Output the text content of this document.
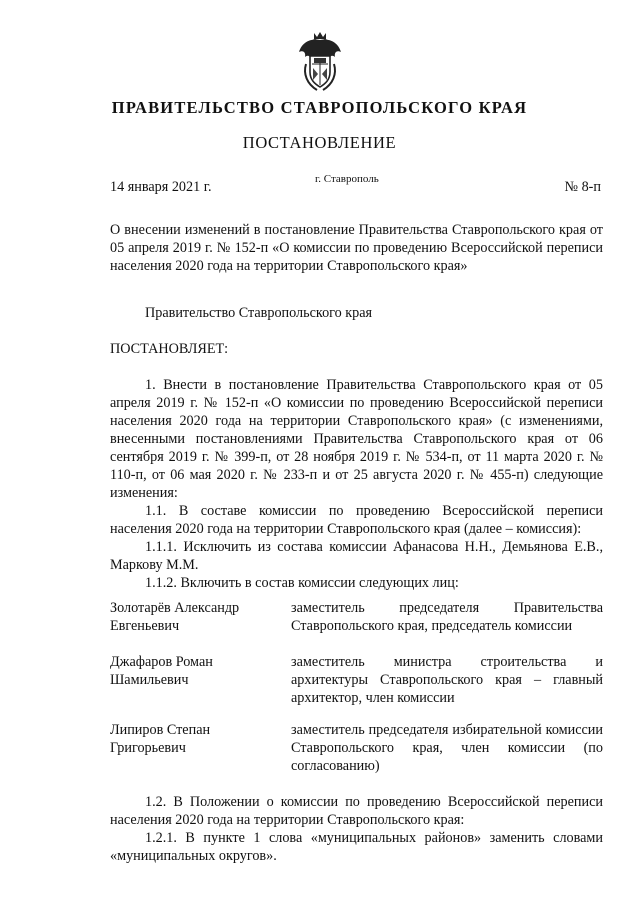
ПРАВИТЕЛЬСТВО СТАВРОПОЛЬСКОГО КРАЯ
ПОСТАНОВЛЕНИЕ
14 января 2021 г.	г. Ставрополь	№ 8-п
О внесении изменений в постановление Правительства Ставропольского края от 05 апреля 2019 г. № 152-п «О комиссии по проведению Всероссийской переписи населения 2020 года на территории Ставропольского края»
Правительство Ставропольского края
ПОСТАНОВЛЯЕТ:

1. Внести в постановление Правительства Ставропольского края от 05 апреля 2019 г. № 152-п «О комиссии по проведению Всероссийской переписи населения 2020 года на территории Ставропольского края» (с изменениями, внесенными постановлениями Правительства Ставропольского края от 06 сентября 2019 г. № 399-п, от 28 ноября 2019 г. № 534-п, от 11 марта 2020 г. № 110-п, от 06 мая 2020 г. № 233-п и от 25 августа 2020 г. № 455-п) следующие изменения:

1.1. В составе комиссии по проведению Всероссийской переписи населения 2020 года на территории Ставропольского края (далее – комиссия):

1.1.1. Исключить из состава комиссии Афанасова Н.Н., Демьянова Е.В., Маркову М.М.

1.1.2. Включить в состав комиссии следующих лиц:

Золотарёв Александр Евгеньевич
заместитель председателя Правительства Ставропольского края, председатель комиссии
Джафаров Роман Шамильевич
заместитель министра строительства и архитектуры Ставропольского края – главный архитектор, член комиссии
Липиров Степан Григорьевич
заместитель председателя избирательной комиссии Ставропольского края, член комиссии (по согласованию)

1.2. В Положении о комиссии по проведению Всероссийской переписи населения 2020 года на территории Ставропольского края:

1.2.1. В пункте 1 слова «муниципальных районов» заменить словами «муниципальных округов».
